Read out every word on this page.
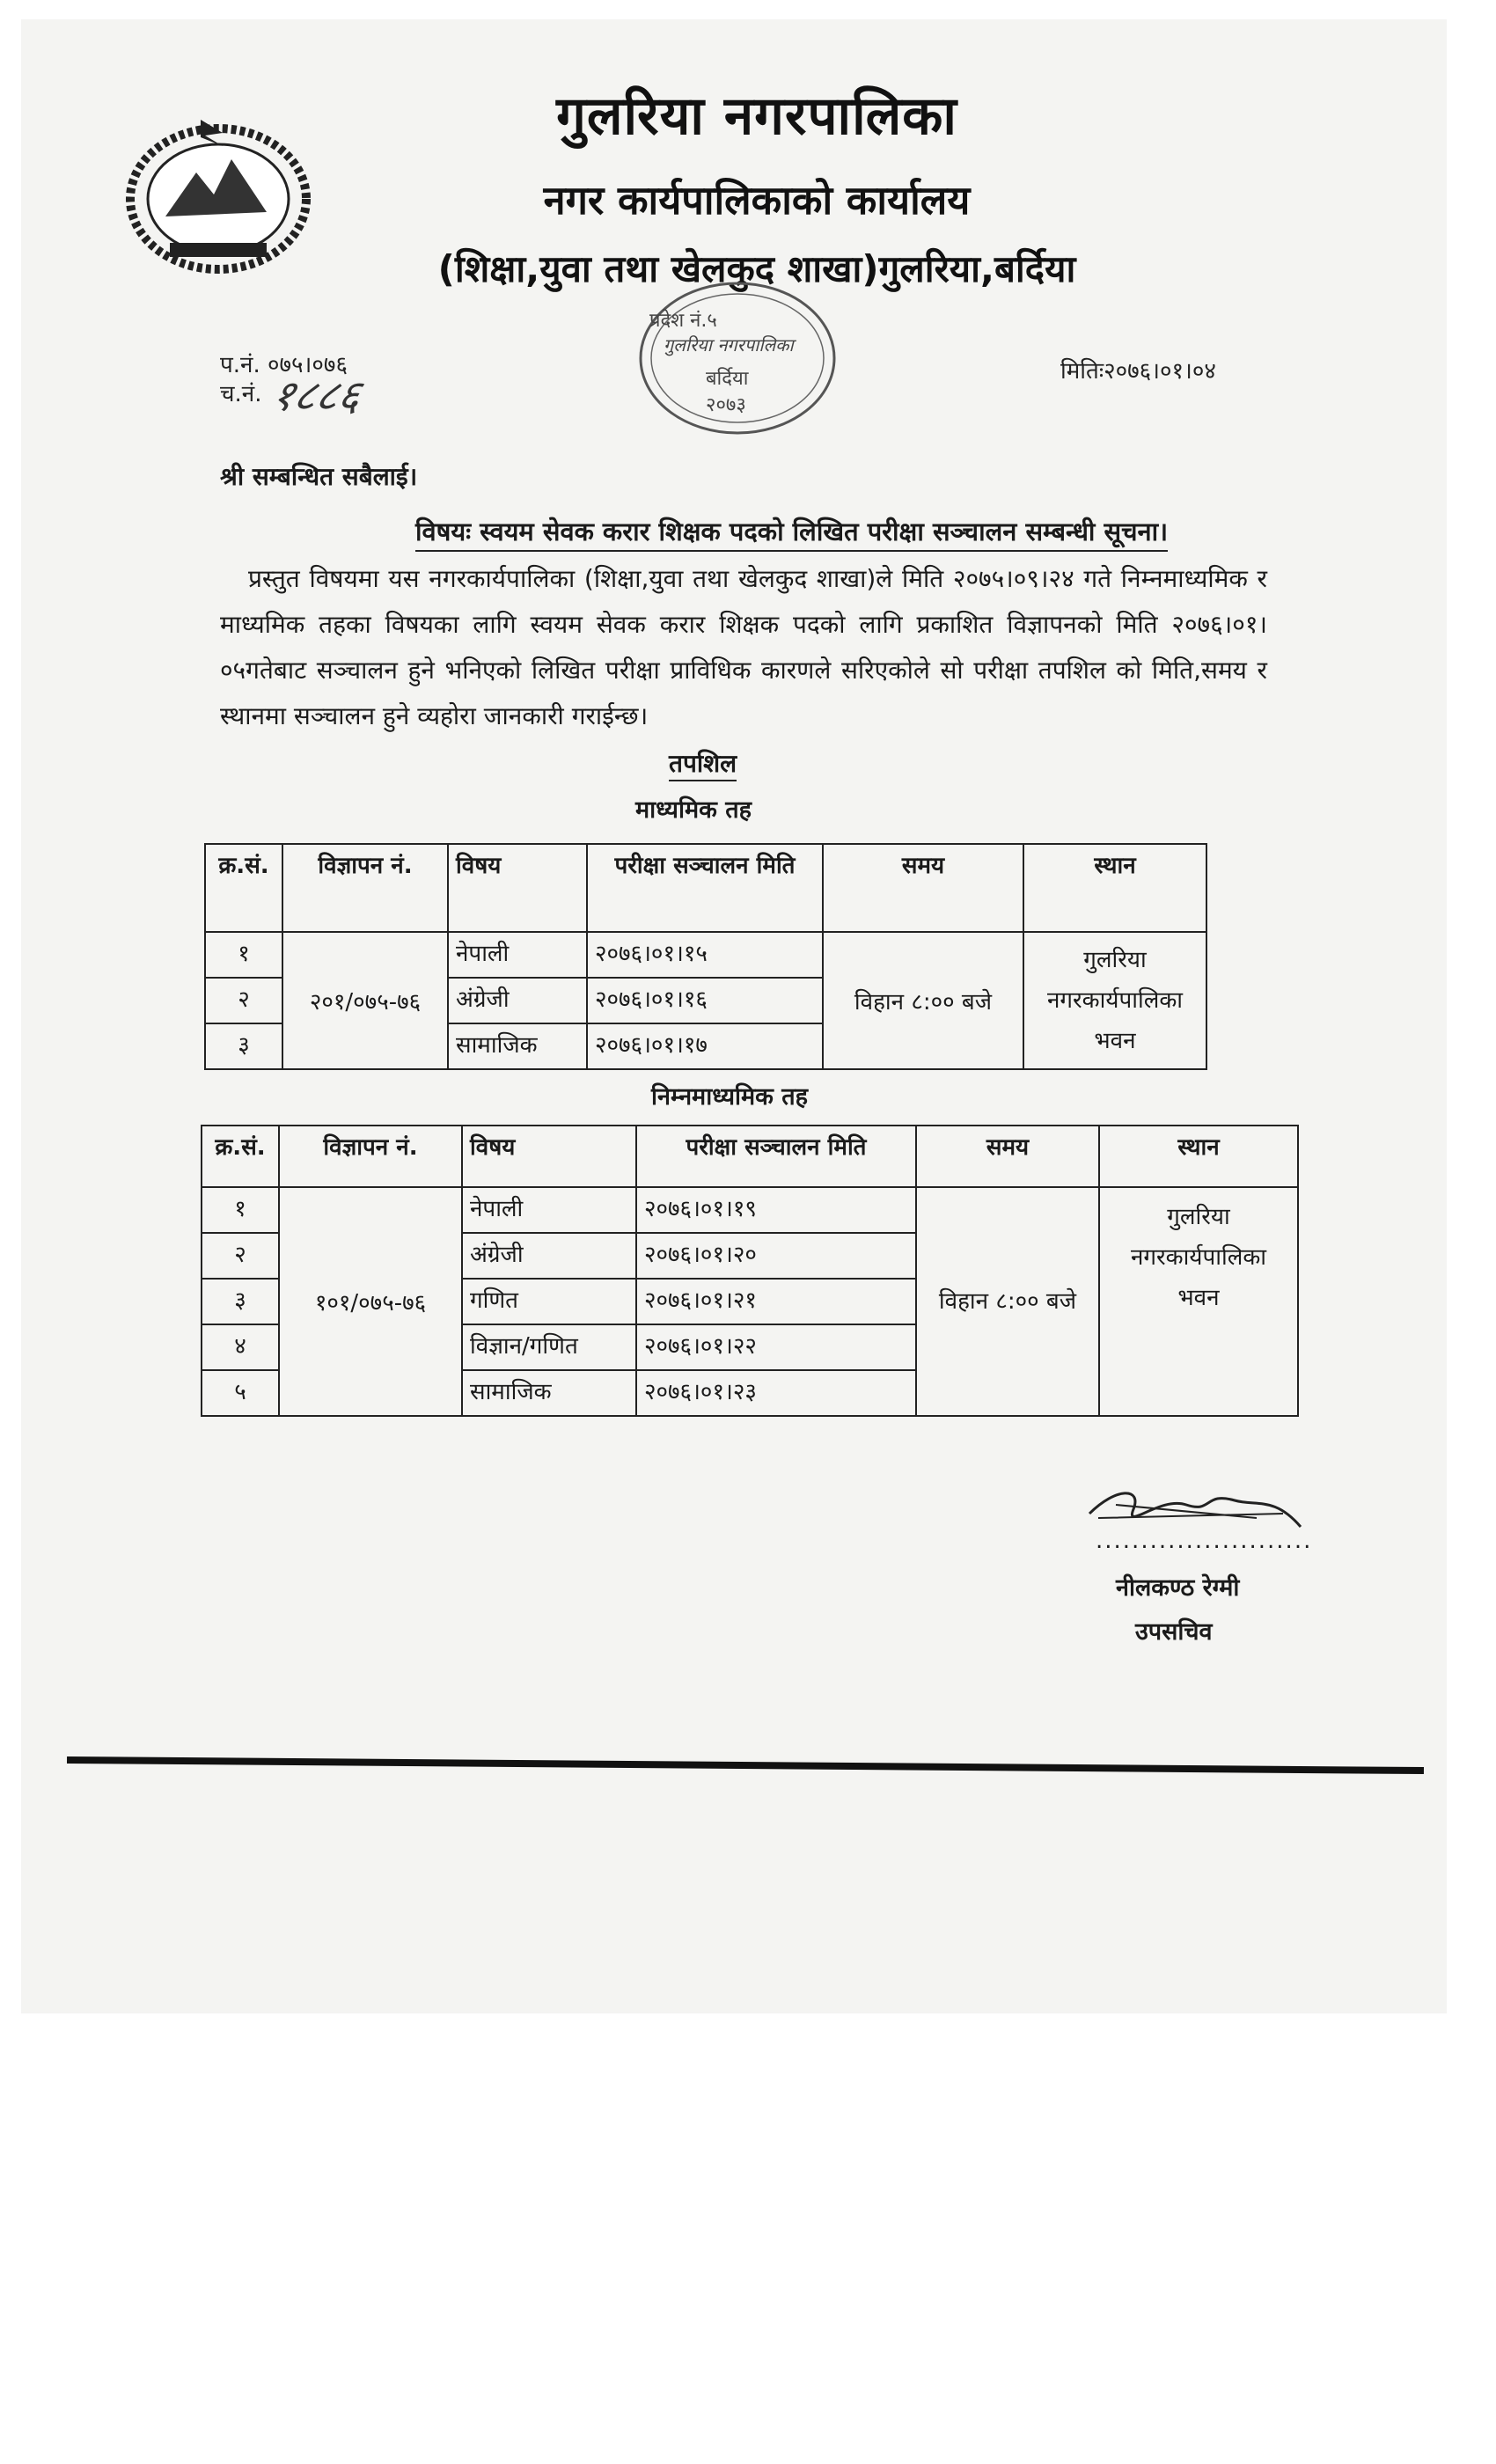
गुलरिया नगरपालिका
नगर कार्यपालिकाको कार्यालय
(शिक्षा,युवा तथा खेलकुद शाखा)गुलरिया,बर्दिया
प्रदेश नं.५
गुलरिया नगरपालिका
बर्दिया
२०७३
प.नं. ०७५।०७६
च.नं. १८८६	मितिः२०७६।०१।०४
श्री सम्बन्धित सबैलाई।
विषयः स्वयम सेवक करार शिक्षक पदको लिखित परीक्षा सञ्चालन सम्बन्धी सूचना।
प्रस्तुत विषयमा यस नगरकार्यपालिका (शिक्षा,युवा तथा खेलकुद शाखा)ले मिति २०७५।०९।२४ गते निम्नमाध्यमिक र माध्यमिक तहका विषयका लागि स्वयम सेवक करार शिक्षक पदको लागि प्रकाशित विज्ञापनको मिति २०७६।०१।०५गतेबाट सञ्चालन हुने भनिएको लिखित परीक्षा प्राविधिक कारणले सरिएकोले सो परीक्षा तपशिल को मिति,समय र स्थानमा सञ्चालन हुने व्यहोरा जानकारी गराईन्छ।
तपशिल
माध्यमिक तह
क्र.सं.	विज्ञापन नं.	विषय	परीक्षा सञ्चालन मिति	समय	स्थान
१	२०१/०७५-७६	नेपाली	२०७६।०१।१५	विहान ८:०० बजे	गुलरिया नगरकार्यपालिका भवन
२		अंग्रेजी	२०७६।०१।१६		
३		सामाजिक	२०७६।०१।१७		
निम्नमाध्यमिक तह
क्र.सं.	विज्ञापन नं.	विषय	परीक्षा सञ्चालन मिति	समय	स्थान
१	१०१/०७५-७६	नेपाली	२०७६।०१।१९	विहान ८:०० बजे	गुलरिया नगरकार्यपालिका भवन
२		अंग्रेजी	२०७६।०१।२०		
३		गणित	२०७६।०१।२१		
४		विज्ञान/गणित	२०७६।०१।२२		
५		सामाजिक	२०७६।०१।२३		
........................
नीलकण्ठ रेग्मी
उपसचिव
